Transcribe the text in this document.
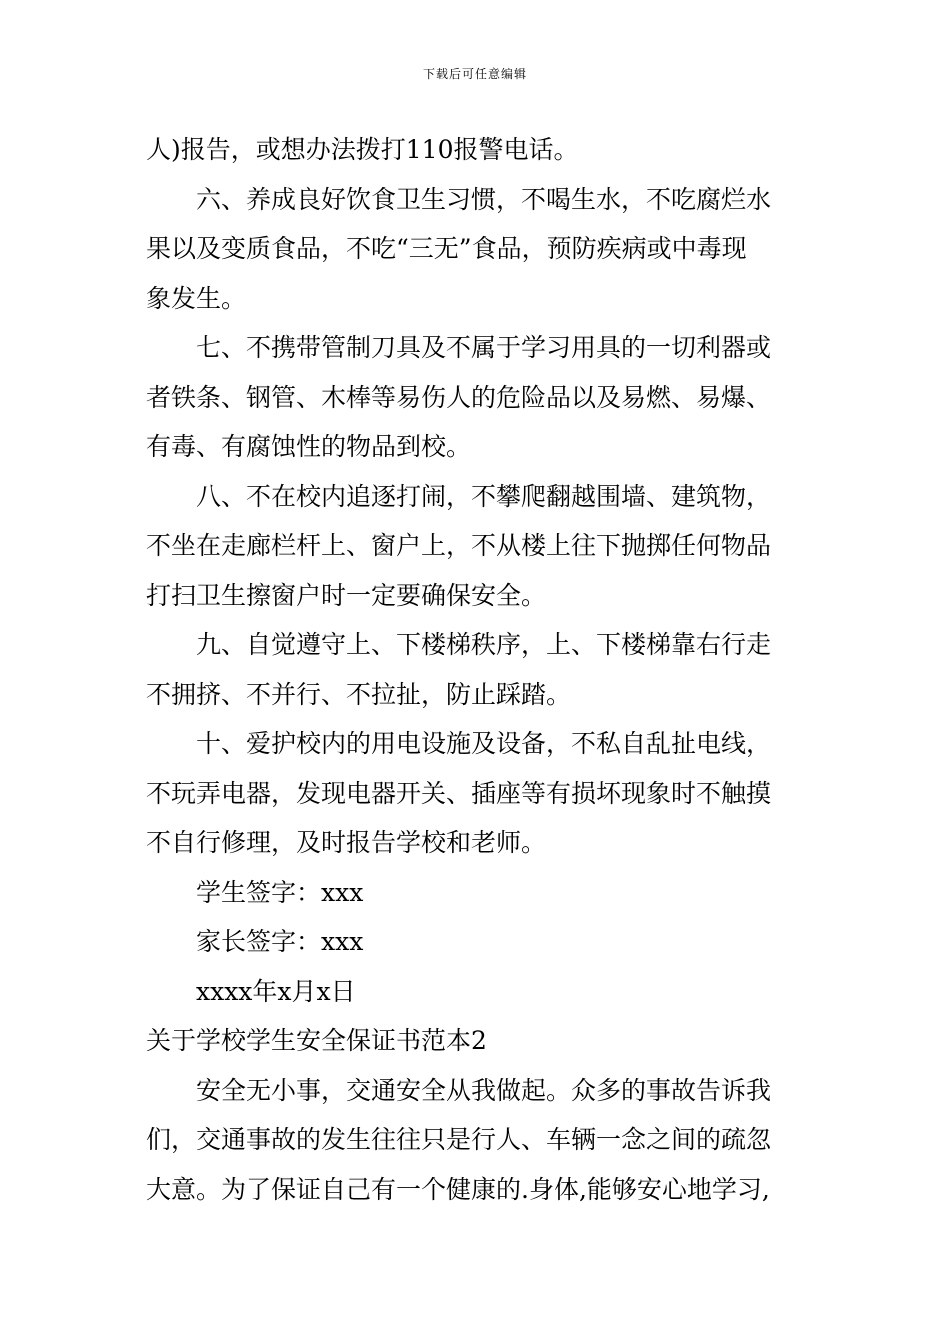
下载后可任意编辑
人)报告，或想办法拨打110报警电话。
六、养成良好饮食卫生习惯，不喝生水，不吃腐烂水
果以及变质食品，不吃“三无”食品，预防疾病或中毒现
象发生。
七、不携带管制刀具及不属于学习用具的一切利器或
者铁条、钢管、木棒等易伤人的危险品以及易燃、易爆、
有毒、有腐蚀性的物品到校。
八、不在校内追逐打闹，不攀爬翻越围墙、建筑物，
不坐在走廊栏杆上、窗户上，不从楼上往下抛掷任何物品
打扫卫生擦窗户时一定要确保安全。
九、自觉遵守上、下楼梯秩序，上、下楼梯靠右行走
不拥挤、不并行、不拉扯，防止踩踏。
十、爱护校内的用电设施及设备，不私自乱扯电线，
不玩弄电器，发现电器开关、插座等有损坏现象时不触摸
不自行修理，及时报告学校和老师。
学生签字：xxx
家长签字：xxx
xxxx年x月x日
关于学校学生安全保证书范本2
安全无小事，交通安全从我做起。众多的事故告诉我
们，交通事故的发生往往只是行人、车辆一念之间的疏忽
大意。为了保证自己有一个健康的.身体,能够安心地学习,
